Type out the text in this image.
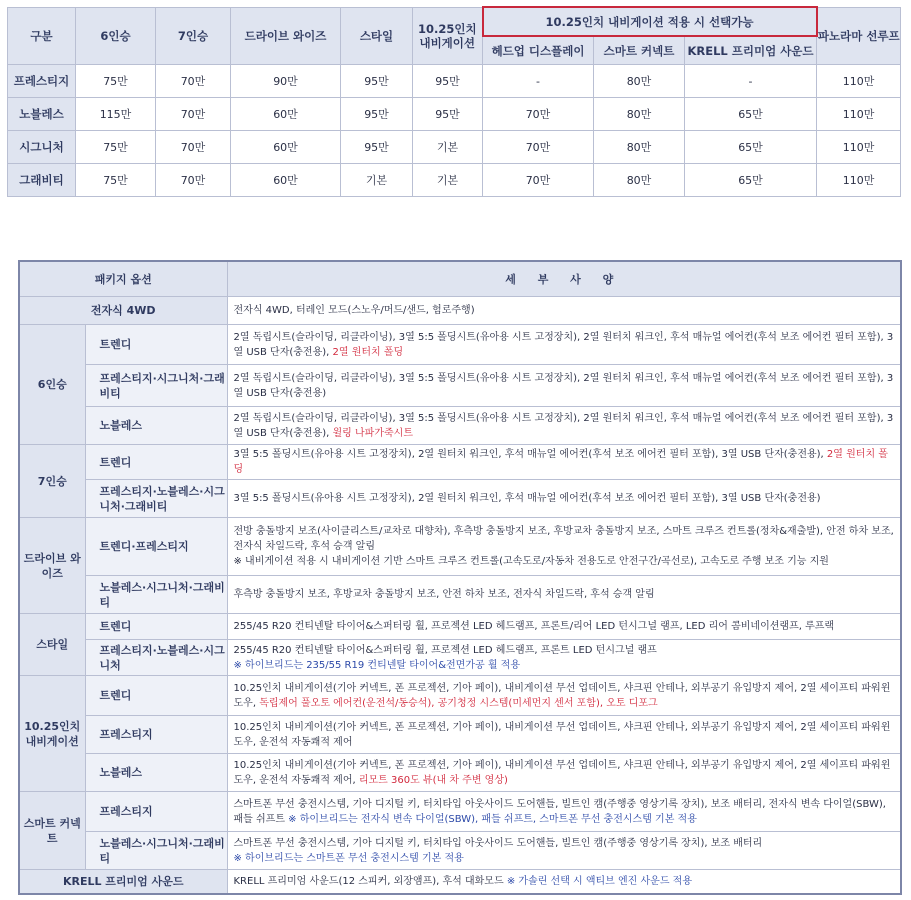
구분	6인승	7인승	드라이브 와이즈	스타일	10.25인치 내비게이션	10.25인치 내비게이션 적용 시 선택가능			파노라마 선루프
						헤드업 디스플레이	스마트 커넥트	KRELL 프리미엄 사운드	
프레스티지	75만	70만	90만	95만	95만	-	80만	-	110만
노블레스	115만	70만	60만	95만	95만	70만	80만	65만	110만
시그니처	75만	70만	60만	95만	기본	70만	80만	65만	110만
그래비티	75만	70만	60만	기본	기본	70만	80만	65만	110만
패키지 옵션		세 부 사 양
전자식 4WD		전자식 4WD, 터레인 모드(스노우/머드/샌드, 험로주행)
6인승	트렌디	2열 독립시트(슬라이딩, 리클라이닝), 3열 5:5 폴딩시트(유아용 시트 고정장치), 2열 원터치 워크인, 후석 매뉴얼 에어컨(후석 보조 에어컨 필터 포함), 3열 USB 단자(충전용), 2열 원터치 폴딩
	프레스티지·시그니처·그래비티	2열 독립시트(슬라이딩, 리클라이닝), 3열 5:5 폴딩시트(유아용 시트 고정장치), 2열 원터치 워크인, 후석 매뉴얼 에어컨(후석 보조 에어컨 필터 포함), 3열 USB 단자(충전용)
	노블레스	2열 독립시트(슬라이딩, 리클라이닝), 3열 5:5 폴딩시트(유아용 시트 고정장치), 2열 원터치 워크인, 후석 매뉴얼 에어컨(후석 보조 에어컨 필터 포함), 3열 USB 단자(충전용), 윌링 나파가죽시트
7인승	트렌디	3열 5:5 폴딩시트(유아용 시트 고정장치), 2열 원터치 워크인, 후석 매뉴얼 에어컨(후석 보조 에어컨 필터 포함), 3열 USB 단자(충전용), 2열 원터치 폴딩
	프레스티지·노블레스·시그니처·그래비티	3열 5:5 폴딩시트(유아용 시트 고정장치), 2열 원터치 워크인, 후석 매뉴얼 에어컨(후석 보조 에어컨 필터 포함), 3열 USB 단자(충전용)
드라이브 와이즈	트렌디·프레스티지	전방 충돌방지 보조(사이클리스트/교차로 대향차), 후측방 충돌방지 보조, 후방교차 충돌방지 보조, 스마트 크루즈 컨트롤(정차&재출발), 안전 하차 보조, 전자식 차일드락, 후석 승객 알림
※ 내비게이션 적용 시 내비게이션 기반 스마트 크루즈 컨트롤(고속도로/자동차 전용도로 안전구간/곡선로), 고속도로 주행 보조 기능 지원
	노블레스·시그니처·그래비티	후측방 충돌방지 보조, 후방교차 충돌방지 보조, 안전 하차 보조, 전자식 차일드락, 후석 승객 알림
스타일	트렌디	255/45 R20 컨티넨탈 타이어&스퍼터링 휠, 프로젝션 LED 헤드램프, 프론트/리어 LED 턴시그널 램프, LED 리어 콤비네이션램프, 루프랙
	프레스티지·노블레스·시그니처	255/45 R20 컨티넨탈 타이어&스퍼터링 휠, 프로젝션 LED 헤드램프, 프론트 LED 턴시그널 램프
※ 하이브리드는 235/55 R19 컨티넨탈 타이어&전면가공 휠 적용
10.25인치 내비게이션	트렌디	10.25인치 내비게이션(기아 커넥트, 폰 프로젝션, 기아 페이), 내비게이션 무선 업데이트, 샤크핀 안테나, 외부공기 유입방지 제어, 2열 세이프티 파워윈도우, 독립제어 풀오토 에어컨(운전석/동승석), 공기청정 시스템(미세먼지 센서 포함), 오토 디포그
	프레스티지	10.25인치 내비게이션(기아 커넥트, 폰 프로젝션, 기아 페이), 내비게이션 무선 업데이트, 샤크핀 안테나, 외부공기 유입방지 제어, 2열 세이프티 파워윈도우, 운전석 자동쾌적 제어
	노블레스	10.25인치 내비게이션(기아 커넥트, 폰 프로젝션, 기아 페이), 내비게이션 무선 업데이트, 샤크핀 안테나, 외부공기 유입방지 제어, 2열 세이프티 파워윈도우, 운전석 자동쾌적 제어, 리모트 360도 뷰(내 차 주변 영상)
스마트 커넥트	프레스티지	스마트폰 무선 충전시스템, 기아 디지털 키, 터치타입 아웃사이드 도어핸들, 빌트인 캠(주행중 영상기록 장치), 보조 배터리, 전자식 변속 다이얼(SBW), 패들 쉬프트 ※ 하이브리드는 전자식 변속 다이얼(SBW), 패들 쉬프트, 스마트폰 무선 충전시스템 기본 적용
	노블레스·시그니처·그래비티	스마트폰 무선 충전시스템, 기아 디지털 키, 터치타입 아웃사이드 도어핸들, 빌트인 캠(주행중 영상기록 장치), 보조 배터리
※ 하이브리드는 스마트폰 무선 충전시스템 기본 적용
KRELL 프리미엄 사운드		KRELL 프리미엄 사운드(12 스피커, 외장앰프), 후석 대화모드 ※ 가솔린 선택 시 액티브 엔진 사운드 적용
